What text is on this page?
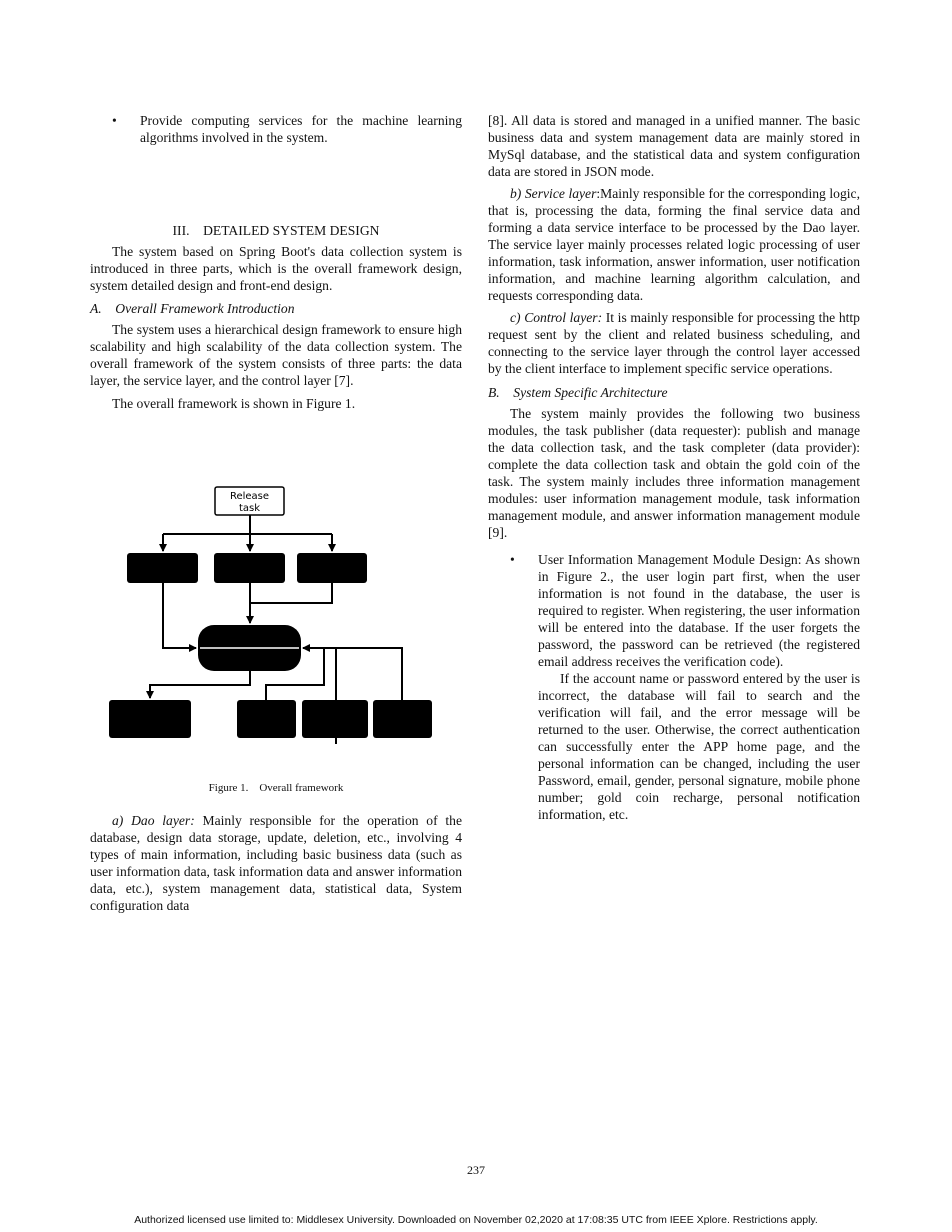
• Provide computing services for the machine learning algorithms involved in the system.

III. DETAILED SYSTEM DESIGN

The system based on Spring Boot's data collection system is introduced in three parts, which is the overall framework design, system detailed design and front-end design.

A. Overall Framework Introduction

The system uses a hierarchical design framework to ensure high scalability and high scalability of the data collection system. The overall framework of the system consists of three parts: the data layer, the service layer, and the control layer [7].

The overall framework is shown in Figure 1.

Release
task
Figure 1. Overall framework

a) Dao layer: Mainly responsible for the operation of the database, design data storage, update, deletion, etc., involving 4 types of main information, including basic business data (such as user information data, task information data and answer information data, etc.), system management data, statistical data, System configuration data

[8]. All data is stored and managed in a unified manner. The basic business data and system management data are mainly stored in MySql database, and the statistical data and system configuration data are stored in JSON mode.

b) Service layer:Mainly responsible for the corresponding logic, that is, processing the data, forming the final service data and forming a data service interface to be processed by the Dao layer. The service layer mainly processes related logic processing of user information, task information, answer information, user notification information, and machine learning algorithm calculation, and requests corresponding data.

c) Control layer: It is mainly responsible for processing the http request sent by the client and related business scheduling, and connecting to the service layer through the control layer accessed by the client interface to implement specific service operations.

B. System Specific Architecture

The system mainly provides the following two business modules, the task publisher (data requester): publish and manage the data collection task, and the task completer (data provider): complete the data collection task and obtain the gold coin of the task. The system mainly includes three information management modules: user information management module, task information management module, and answer information management module [9].

• User Information Management Module Design: As shown in Figure 2., the user login part first, when the user information is not found in the database, the user is required to register. When registering, the user information will be entered into the database. If the user forgets the password, the password can be retrieved (the registered email address receives the verification code).

If the account name or password entered by the user is incorrect, the database will fail to search and the verification will fail, and the error message will be returned to the user. Otherwise, the correct authentication can successfully enter the APP home page, and the personal information can be changed, including the user Password, email, gender, personal signature, mobile phone number; gold coin recharge, personal notification information, etc.

237
Authorized licensed use limited to: Middlesex University. Downloaded on November 02,2020 at 17:08:35 UTC from IEEE Xplore. Restrictions apply.
